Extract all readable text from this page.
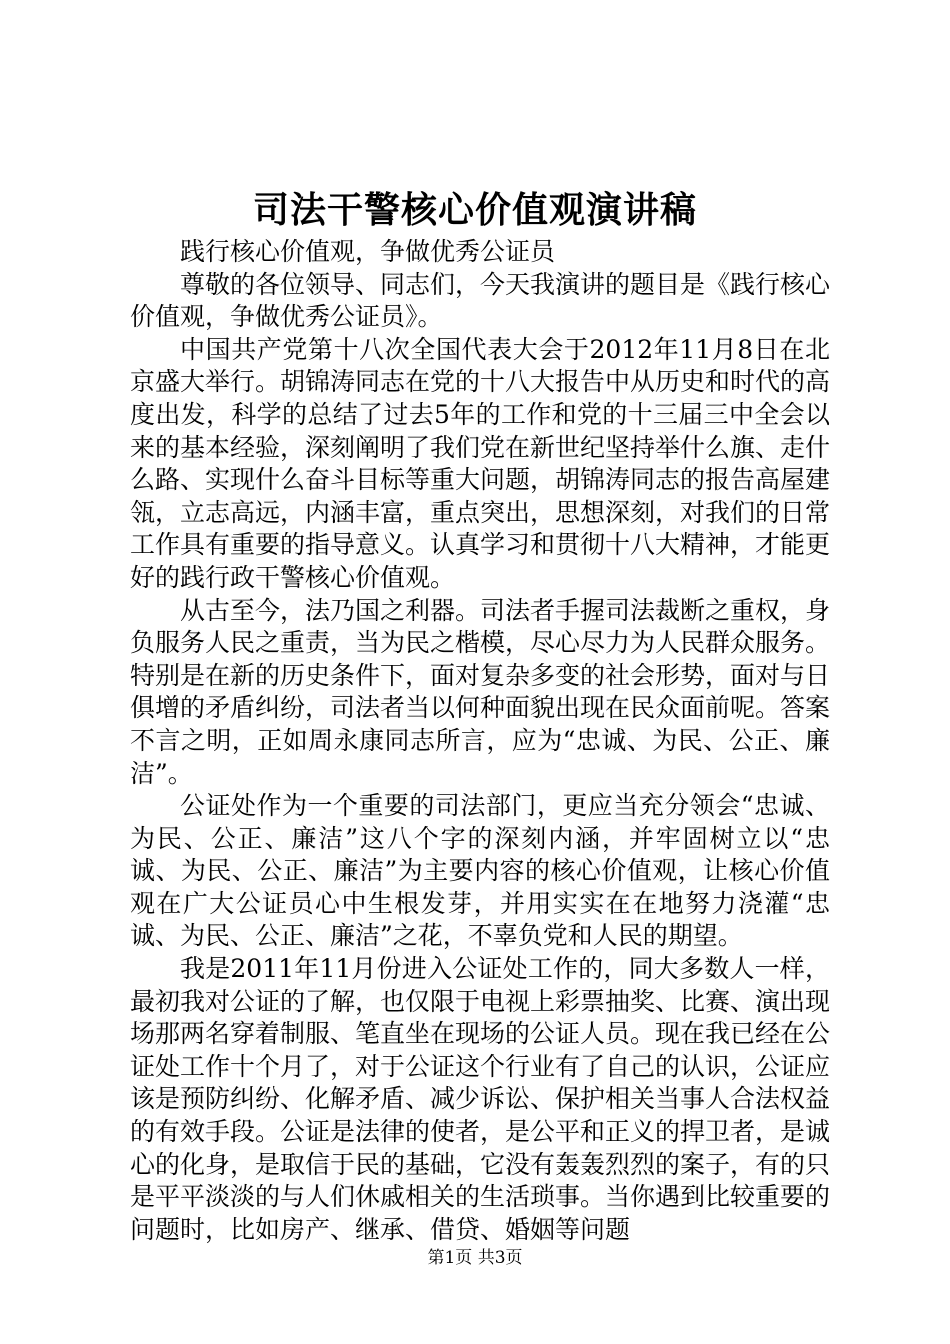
司法干警核心价值观演讲稿

践行核心价值观，争做优秀公证员

尊敬的各位领导、同志们，今天我演讲的题目是《践行核心价值观，争做优秀公证员》。

中国共产党第十八次全国代表大会于2012年11月8日在北京盛大举行。胡锦涛同志在党的十八大报告中从历史和时代的高度出发，科学的总结了过去5年的工作和党的十三届三中全会以来的基本经验，深刻阐明了我们党在新世纪坚持举什么旗、走什么路、实现什么奋斗目标等重大问题，胡锦涛同志的报告高屋建瓴，立志高远，内涵丰富，重点突出，思想深刻，对我们的日常工作具有重要的指导意义。认真学习和贯彻十八大精神，才能更好的践行政干警核心价值观。

从古至今，法乃国之利器。司法者手握司法裁断之重权，身负服务人民之重责，当为民之楷模，尽心尽力为人民群众服务。特别是在新的历史条件下，面对复杂多变的社会形势，面对与日俱增的矛盾纠纷，司法者当以何种面貌出现在民众面前呢。答案不言之明，正如周永康同志所言，应为“忠诚、为民、公正、廉洁”。

公证处作为一个重要的司法部门，更应当充分领会“忠诚、为民、公正、廉洁”这八个字的深刻内涵，并牢固树立以“忠诚、为民、公正、廉洁”为主要内容的核心价值观，让核心价值观在广大公证员心中生根发芽，并用实实在在地努力浇灌“忠诚、为民、公正、廉洁”之花，不辜负党和人民的期望。

我是2011年11月份进入公证处工作的，同大多数人一样，最初我对公证的了解，也仅限于电视上彩票抽奖、比赛、演出现场那两名穿着制服、笔直坐在现场的公证人员。现在我已经在公证处工作十个月了，对于公证这个行业有了自己的认识，公证应该是预防纠纷、化解矛盾、减少诉讼、保护相关当事人合法权益的有效手段。公证是法律的使者，是公平和正义的捍卫者，是诚心的化身，是取信于民的基础，它没有轰轰烈烈的案子，有的只是平平淡淡的与人们休戚相关的生活琐事。当你遇到比较重要的问题时，比如房产、继承、借贷、婚姻等问题

第1页 共3页
